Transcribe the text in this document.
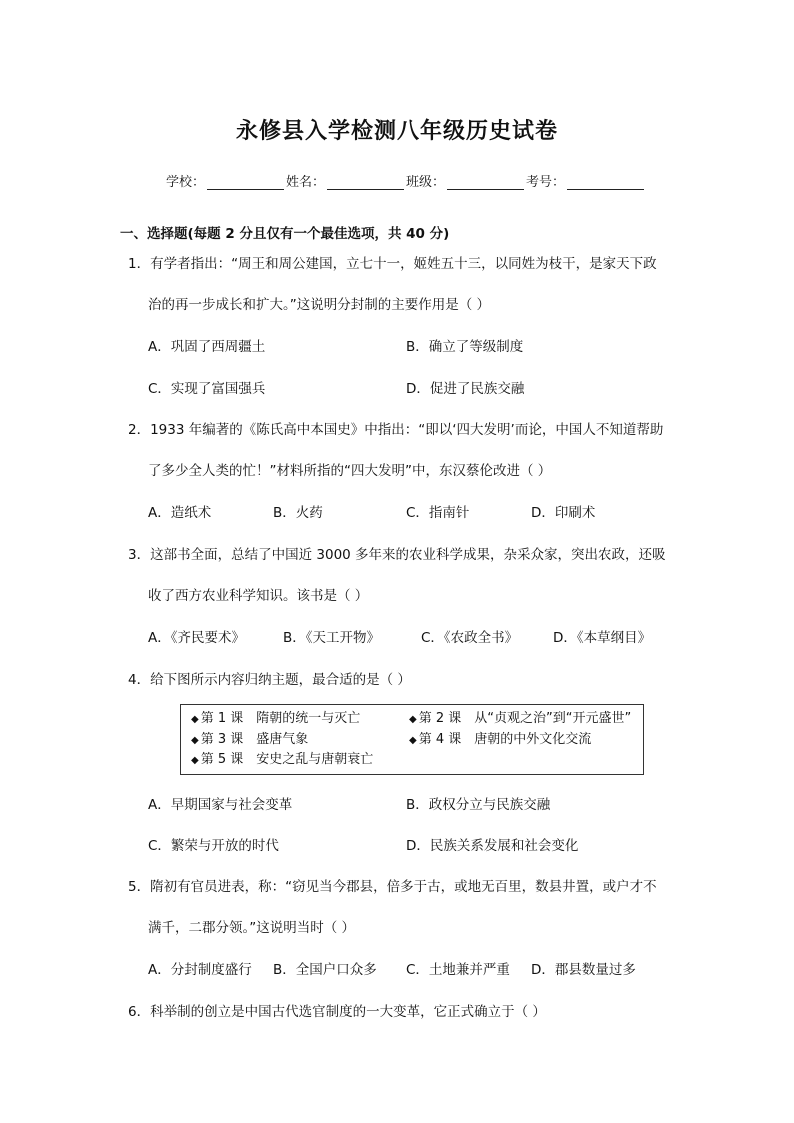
永修县入学检测八年级历史试卷
学校：	姓名：	班级：	考号：
一、选择题(每题 2 分且仅有一个最佳选项，共 40 分)
1．有学者指出：“周王和周公建国，立七十一，姬姓五十三，以同姓为枝干，是家天下政
治的再一步成长和扩大。”这说明分封制的主要作用是（ ）
A．巩固了西周疆土	B．确立了等级制度
C．实现了富国强兵	D．促进了民族交融
2．1933 年编著的《陈氏高中本国史》中指出：“即以‘四大发明’而论，中国人不知道帮助
了多少全人类的忙！”材料所指的“四大发明”中，东汉蔡伦改进（ ）
A．造纸术	B．火药	C．指南针	D．印刷术
3．这部书全面，总结了中国近 3000 多年来的农业科学成果，杂采众家，突出农政，还吸
收了西方农业科学知识。该书是（ ）
A．《齐民要术》	B．《天工开物》	C．《农政全书》	D．《本草纲目》
4．给下图所示内容归纳主题，最合适的是（ ）
◆ 第 1 课　隋朝的统一与灭亡	◆ 第 2 课　从“贞观之治”到“开元盛世”
◆ 第 3 课　盛唐气象	◆ 第 4 课　唐朝的中外文化交流
◆ 第 5 课　安史之乱与唐朝衰亡
A．早期国家与社会变革	B．政权分立与民族交融
C．繁荣与开放的时代	D．民族关系发展和社会变化
5．隋初有官员进表，称：“窃见当今郡县，倍多于古，或地无百里，数县井置，或户才不
满千，二郡分领。”这说明当时（ ）
A．分封制度盛行 B．全国户口众多 C．土地兼并严重 D．郡县数量过多
6．科举制的创立是中国古代选官制度的一大变革，它正式确立于（ ）
